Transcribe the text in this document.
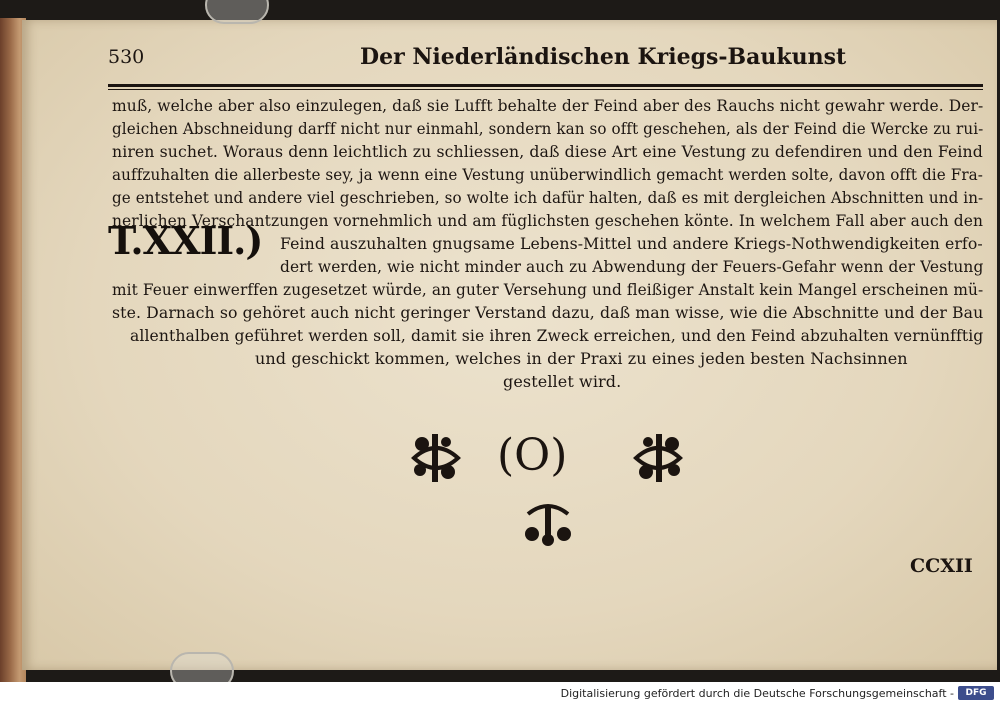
530	Der Niederländischen Kriegs-Baukunst
muß, welche aber also einzulegen, daß sie Lufft behalte der Feind aber des Rauchs nicht gewahr werde. Der-
gleichen Abschneidung darff nicht nur einmahl, sondern kan so offt geschehen, als der Feind die Wercke zu rui-
niren suchet. Woraus denn leichtlich zu schliessen, daß diese Art eine Vestung zu defendiren und den Feind
auffzuhalten die allerbeste sey, ja wenn eine Vestung unüberwindlich gemacht werden solte, davon offt die Fra-
ge entstehet und andere viel geschrieben, so wolte ich dafür halten, daß es mit dergleichen Abschnitten und in-
nerlichen Verschantzungen vornehmlich und am füglichsten geschehen könte. In welchem Fall aber auch den
T.XXII.) Feind auszuhalten gnugsame Lebens-Mittel und andere Kriegs-Nothwendigkeiten erfo-
dert werden, wie nicht minder auch zu Abwendung der Feuers-Gefahr wenn der Vestung
mit Feuer einwerffen zugesetzet würde, an guter Versehung und fleißiger Anstalt kein Mangel erscheinen mü-
ste. Darnach so gehöret auch nicht geringer Verstand dazu, daß man wisse, wie die Abschnitte und der Bau
allenthalben geführet werden soll, damit sie ihren Zweck erreichen, und den Feind abzuhalten vernünfftig
und geschickt kommen, welches in der Praxi zu eines jeden besten Nachsinnen
gestellet wird.
(O)
CCXII
Digitalisierung gefördert durch die Deutsche Forschungsgemeinschaft -	DFG
